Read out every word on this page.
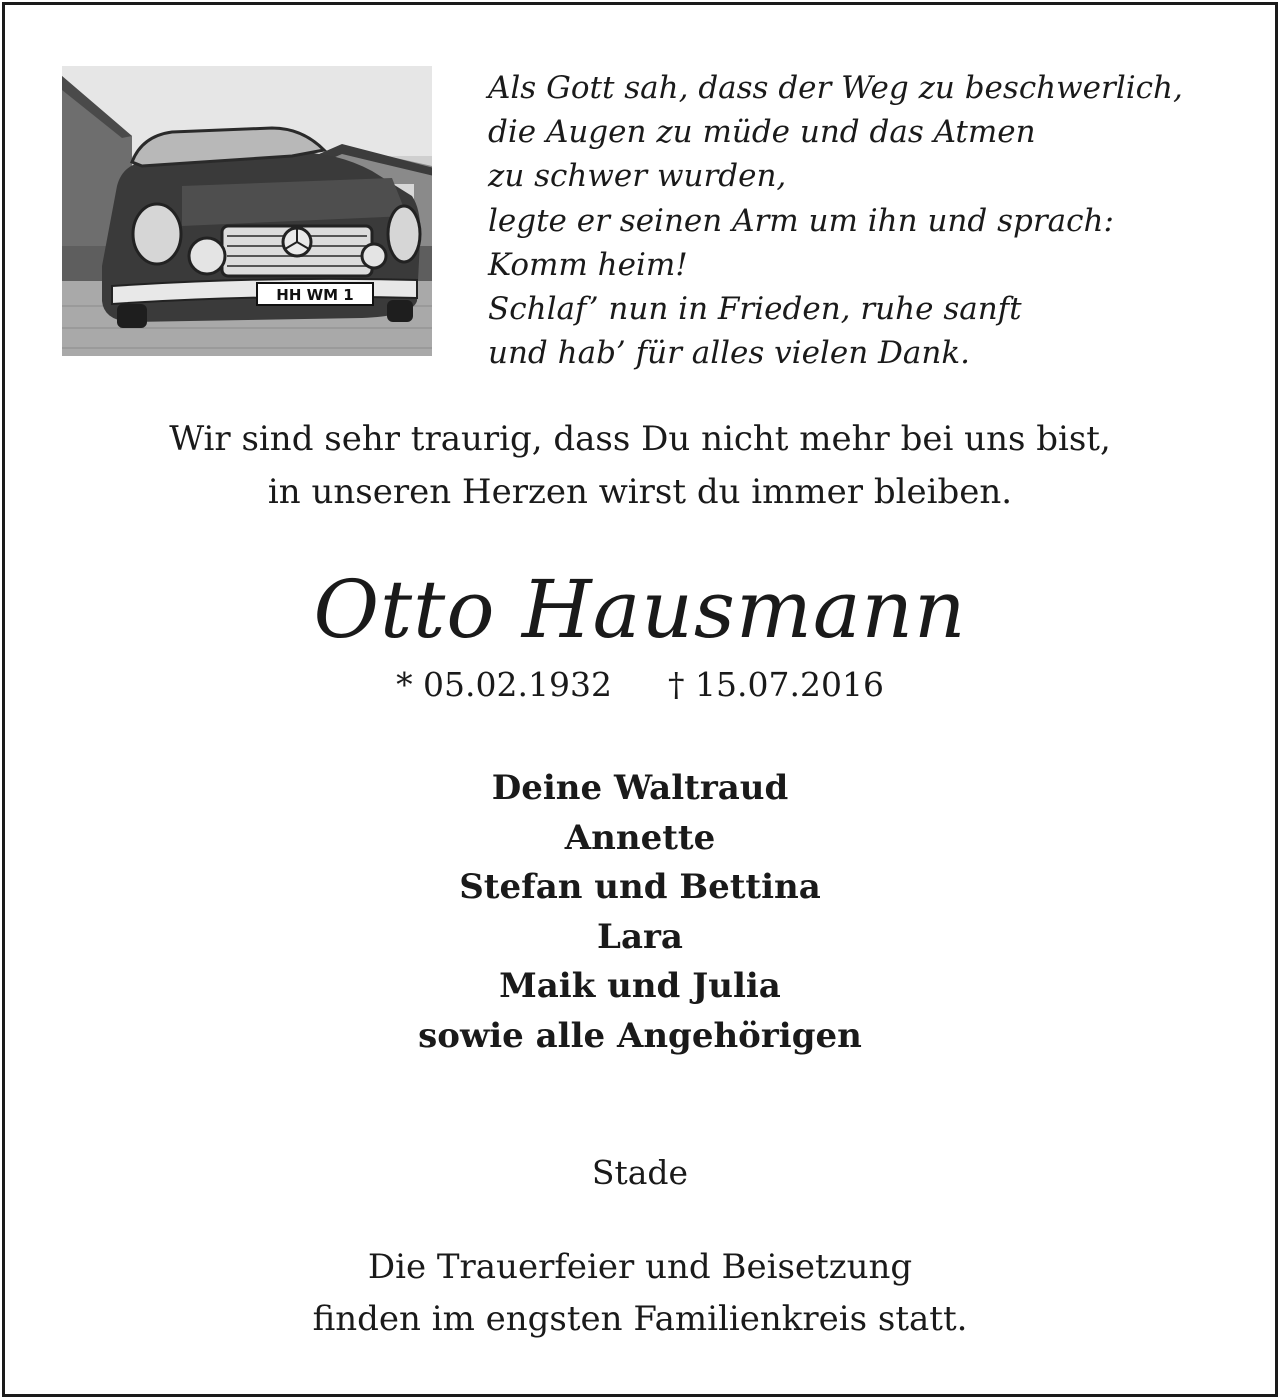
HH WM 1
Als Gott sah, dass der Weg zu beschwerlich,
die Augen zu müde und das Atmen
zu schwer wurden,
legte er seinen Arm um ihn und sprach:
Komm heim!
Schlaf’ nun in Frieden, ruhe sanft
und hab’ für alles vielen Dank.
Wir sind sehr traurig, dass Du nicht mehr bei uns bist,
in unseren Herzen wirst du immer bleiben.
Otto Hausmann
* 05.02.1932 † 15.07.2016
Deine Waltraud
Annette
Stefan und Bettina
Lara
Maik und Julia
sowie alle Angehörigen
Stade
Die Trauerfeier und Beisetzung
finden im engsten Familienkreis statt.
